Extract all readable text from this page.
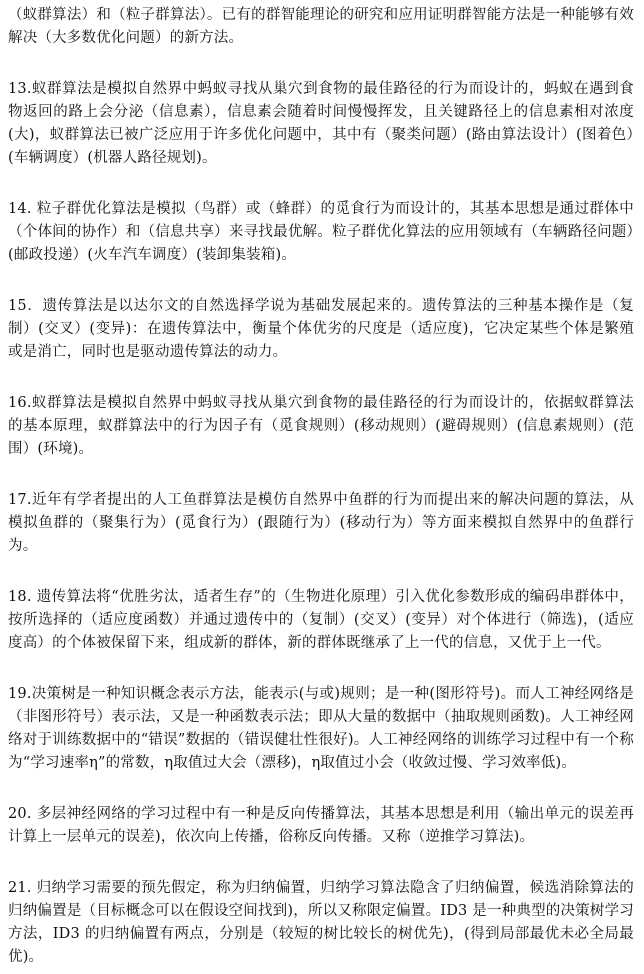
（蚁群算法）和（粒子群算法）。已有的群智能理论的研究和应用证明群智能方法是一种能够有效解决（大多数优化问题）的新方法。

13.蚁群算法是模拟自然界中蚂蚁寻找从巢穴到食物的最佳路径的行为而设计的，蚂蚁在遇到食物返回的路上会分泌（信息素），信息素会随着时间慢慢挥发，且关键路径上的信息素相对浓度(大)，蚁群算法已被广泛应用于许多优化问题中，其中有（聚类问题）(路由算法设计）(图着色）(车辆调度）(机器人路径规划)。

14. 粒子群优化算法是模拟（鸟群）或（蜂群）的觅食行为而设计的，其基本思想是通过群体中（个体间的协作）和（信息共享）来寻找最优解。粒子群优化算法的应用领域有（车辆路径问题）(邮政投递）(火车汽车调度）(装卸集装箱)。

15．遗传算法是以达尔文的自然选择学说为基础发展起来的。遗传算法的三种基本操作是（复制）(交叉）(变异)：在遗传算法中，衡量个体优劣的尺度是（适应度)，它决定某些个体是繁殖或是消亡，同时也是驱动遗传算法的动力。

16.蚁群算法是模拟自然界中蚂蚁寻找从巢穴到食物的最佳路径的行为而设计的，依据蚁群算法的基本原理，蚁群算法中的行为因子有（觅食规则）(移动规则）(避碍规则）(信息素规则）(范围）(环境)。

17.近年有学者提出的人工鱼群算法是模仿自然界中鱼群的行为而提出来的解决问题的算法，从模拟鱼群的（聚集行为）(觅食行为）(跟随行为）(移动行为）等方面来模拟自然界中的鱼群行为。

18. 遗传算法将“优胜劣汰，适者生存”的（生物进化原理）引入优化参数形成的编码串群体中，按所选择的（适应度函数）并通过遗传中的（复制）(交叉）(变异）对个体进行（筛选)，(适应度高）的个体被保留下来，组成新的群体，新的群体既继承了上一代的信息，又优于上一代。

19.决策树是一种知识概念表示方法，能表示(与或)规则；是一种(图形符号)。而人工神经网络是（非图形符号）表示法，又是一种函数表示法；即从大量的数据中（抽取规则函数)。人工神经网络对于训练数据中的“错误”数据的（错误健壮性很好)。人工神经网络的训练学习过程中有一个称为“学习速率η”的常数，η取值过大会（漂移)，η取值过小会（收敛过慢、学习效率低)。

20. 多层神经网络的学习过程中有一种是反向传播算法，其基本思想是利用（输出单元的误差再计算上一层单元的误差)，依次向上传播，俗称反向传播。又称（逆推学习算法)。

21. 归纳学习需要的预先假定，称为归纳偏置，归纳学习算法隐含了归纳偏置，候选消除算法的归纳偏置是（目标概念可以在假设空间找到)，所以又称限定偏置。ID3 是一种典型的决策树学习方法，ID3 的归纳偏置有两点，分别是（较短的树比较长的树优先)，(得到局部最优未必全局最优)。
